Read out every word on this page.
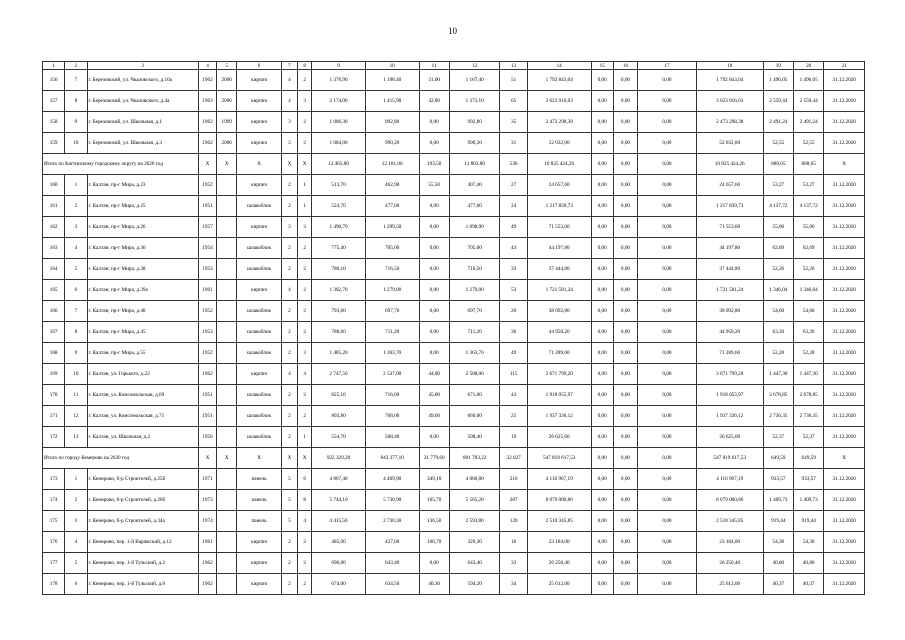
10
1	2	3	4	5	6	7	8	9	10	11	12	13	14	15	16	17	18	19	20	21
156	7	г. Березовский, ул. Чкаловского, д.10а	1962	2006	кирпич	4	2	1 376,90	1 198,40	31,00	1 167,40	51	1 792 843,04	0,00	0,00	0,00	1 792 843,04	1 496,05	1 496,05	31.12.2020
157	8	г. Березовский, ул. Чкаловского, д.4а	1963	2006	кирпич	4	3	2 174,00	1 415,90	42,80	1 373,10	65	3 623 916,63	0,00	0,00	0,00	3 623 916,63	2 559,44	2 559,44	31.12.2020
158	9	г. Березовский, ул. Школьная, д.1	1962	1999	кирпич	3	2	1 086,30	992,80	0,00	992,80	35	2 473 298,38	0,00	0,00	0,00	2 473 298,38	2 491,24	2 491,24	31.12.2020
159	10	г. Березовский, ул. Школьная, д.3	1962	2006	кирпич	3	2	1 084,00	990,20	0,00	990,20	31	52 032,00	0,00	0,00	0,00	52 032,00	52,55	52,55	31.12.2020
Итого по Каттинскому городскому округу на 2020 год			X	X	X	X	X	13 465,80	12 181,00	193,50	11 803,80	536	10 825 424,26	0,00	0,00	0,00	10 825 424,26	888,65	888,65	X
160	1	г. Калтан, пр-г Мира, д.23	1952		кирпич	2	1	513,70	462,90	55,50	407,40	27	24 657,60	0,00	0,00	0,00	24 657,60	53,27	53,27	31.12.2020
161	2	г. Калтан, пр-г Мира, д.25	1951		шлакоблок	2	1	524,70	477,00	0,00	477,00	24	1 217 839,73	0,00	0,00	0,00	1 217 839,73	4 137,72	4 137,72	31.12.2020
162	3	г. Калтан, пр-г Мира, д.26	1957		кирпич	3	3	1 490,70	1 299,50	0,00	1 098,90	49	71 553,60	0,00	0,00	0,00	71 553,60	55,06	55,06	31.12.2020
163	4	г. Калтан, пр-г Мира, д.36	1954		шлакоблок	2	2	775,40	705,00	0,00	705,00	43	44 197,80	0,00	0,00	0,00	44 197,80	62,69	62,69	31.12.2020
164	5	г. Калтан, пр-г Мира, д.38	1953		шлакоблок	2	2	780,10	716,50	0,00	716,50	33	37 444,80	0,00	0,00	0,00	37 444,80	52,26	52,26	31.12.2020
165	6	г. Калтан, пр-г Мира, д.39а	1961		кирпич	4	2	1 382,70	1 279,00	0,00	1 279,00	53	1 721 581,24	0,00	0,00	0,00	1 721 581,24	1 346,04	1 346,04	31.12.2020
166	7	г. Калтан, пр-г Мира, д.40	1952		шлакоблок	2	2	793,60	697,70	0,00	697,70	20	38 092,80	0,00	0,00	0,00	38 092,80	54,60	54,60	31.12.2020
167	8	г. Калтан, пр-г Мира, д.45	1953		шлакоблок	2	2	788,60	711,20	0,00	711,20	36	44 950,20	0,00	0,00	0,00	44 950,20	63,20	63,20	31.12.2020
168	9	г. Калтан, пр-г Мира, д.55	1952		шлакоблок	2	3	1 485,20	1 363,70	0,00	1 363,70	49	71 289,60	0,00	0,00	0,00	71 289,60	52,28	52,28	31.12.2020
169	10	г. Калтан, ул. Горького, д.22	1962		кирпич	4	4	2 747,50	2 537,00	44,00	2 508,00	115	3 671 799,20	0,00	0,00	0,00	3 671 799,20	1 447,30	1 447,30	31.12.2020
170	11	г. Калтан, ул. Комсомольская, д.69	1951		шлакоблок	2	2	825,10	716,00	45,00	671,00	43	1 918 055,97	0,00	0,00	0,00	1 918 055,97	2 678,85	2 678,85	31.12.2020
171	12	г. Калтан, ул. Комсомольская, д.71	1951		шлакоблок	2	2	803,80	708,00	49,00	660,00	25	1 937 336,12	0,00	0,00	0,00	1 937 336,12	2 736,35	2 736,35	31.12.2020
172	13	г. Калтан, ул. Школьная, д.2	1956		шлакоблок	2	1	554,70	508,40	0,00	508,40	19	26 625,60	0,00	0,00	0,00	26 625,60	52,37	52,37	31.12.2020
Итого по городу Кемерово на 2020 год			X	X	X	X	X	922 329,20	843 377,10	31 779,60	801 703,22	32 027	547 819 617,53	0,00	0,00	0,00	547 819 617,53	649,59	649,59	X
173	1	г. Кемерово, б-р Строителей, д.25б	1971		панель	5	6	4 867,40	4 409,90	349,10	4 060,80	216	4 116 967,19	0,00	0,00	0,00	4 116 967,19	933,57	933,57	31.12.2020
174	2	г. Кемерово, б-р Строителей, д.26б	1973		панель	5	8	5 744,10	5 730,90	165,70	5 565,20	287	8 079 000,86	0,00	0,00	0,00	8 079 000,86	1 409,73	1 409,73	31.12.2020
175	3	г. Кемерово, б-р Строителей, д.34а	1974		панель	5	4	4 415,50	2 730,30	136,50	2 593,80	120	2 510 345,85	0,00	0,00	0,00	2 510 345,85	919,44	919,44	31.12.2020
176	4	г. Кемерово, пер. 1-й Варяжский, д.12	1961		кирпич	2	2	485,00	427,00	106,70	320,30	16	23 184,00	0,00	0,00	0,00	23 184,00	54,30	54,30	31.12.2020
177	5	г. Кемерово, пер. 1-й Тульский, д.2	1962		кирпич	2	2	690,80	643,40	0,00	643,40	33	26 250,40	0,00	0,00	0,00	26 250,40	40,80	40,80	31.12.2020
178	6	г. Кемерово, пер. 1-й Тульский, д.8	1962		кирпич	2	2	674,00	634,50	40,30	594,20	34	25 612,00	0,00	0,00	0,00	25 612,00	40,37	40,37	31.12.2020
